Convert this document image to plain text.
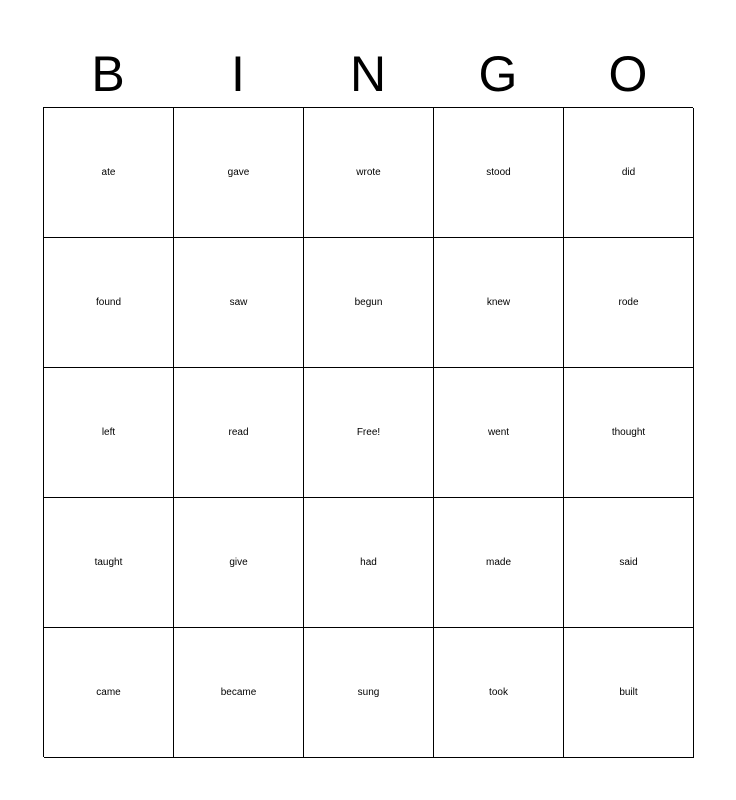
B	I	N	G	O
ate	gave	wrote	stood	did
found	saw	begun	knew	rode
left	read	Free!	went	thought
taught	give	had	made	said
came	became	sung	took	built
